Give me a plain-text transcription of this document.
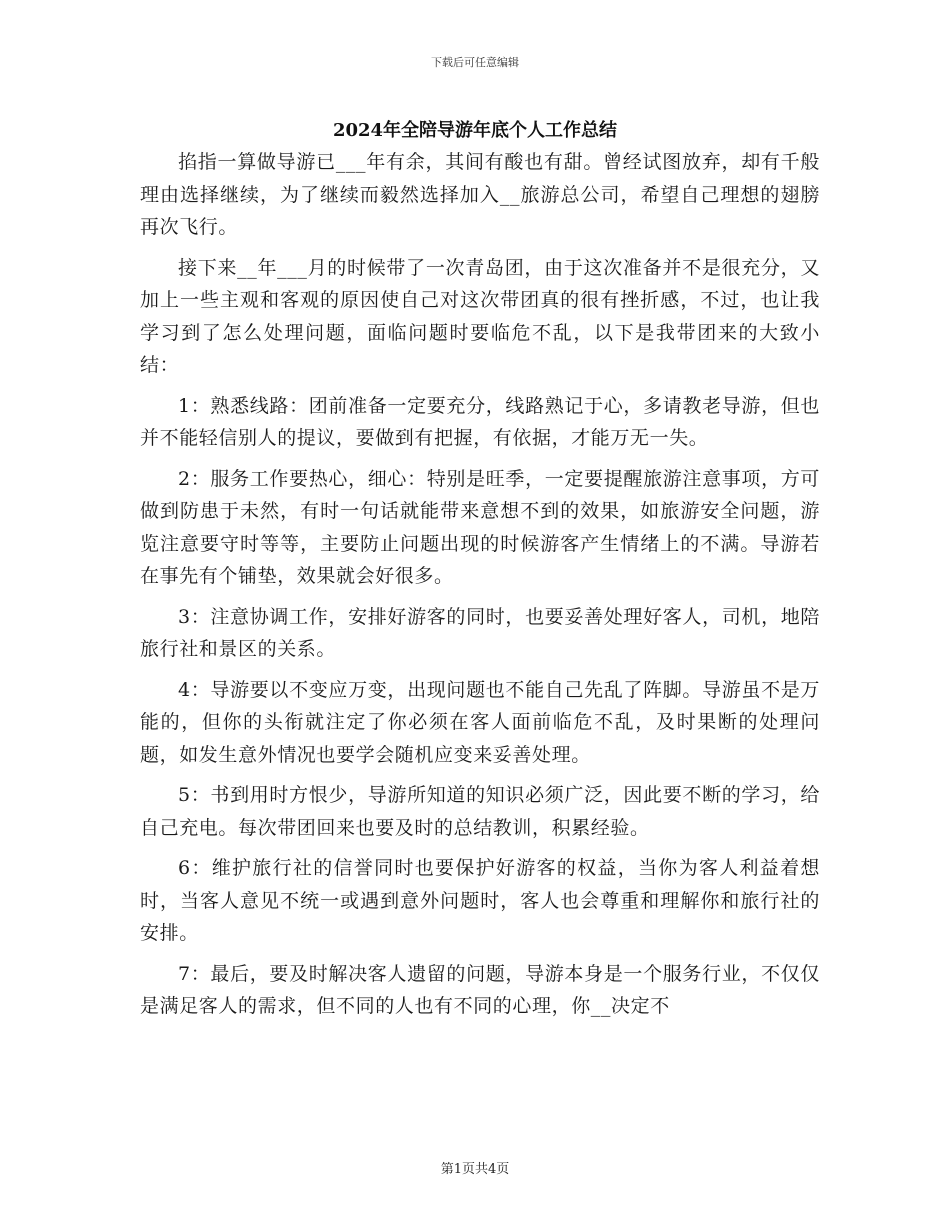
下载后可任意编辑
2024年全陪导游年底个人工作总结

掐指一算做导游已___年有余，其间有酸也有甜。曾经试图放弃，却有千般理由选择继续，为了继续而毅然选择加入__旅游总公司，希望自己理想的翅膀再次飞行。

接下来__年___月的时候带了一次青岛团，由于这次准备并不是很充分，又加上一些主观和客观的原因使自己对这次带团真的很有挫折感，不过，也让我学习到了怎么处理问题，面临问题时要临危不乱，以下是我带团来的大致小结：

1：熟悉线路：团前准备一定要充分，线路熟记于心，多请教老导游，但也并不能轻信别人的提议，要做到有把握，有依据，才能万无一失。

2：服务工作要热心，细心：特别是旺季，一定要提醒旅游注意事项，方可做到防患于未然，有时一句话就能带来意想不到的效果，如旅游安全问题，游览注意要守时等等，主要防止问题出现的时候游客产生情绪上的不满。导游若在事先有个铺垫，效果就会好很多。

3：注意协调工作，安排好游客的同时，也要妥善处理好客人，司机，地陪旅行社和景区的关系。

4：导游要以不变应万变，出现问题也不能自己先乱了阵脚。导游虽不是万能的，但你的头衔就注定了你必须在客人面前临危不乱，及时果断的处理问题，如发生意外情况也要学会随机应变来妥善处理。

5：书到用时方恨少，导游所知道的知识必须广泛，因此要不断的学习，给自己充电。每次带团回来也要及时的总结教训，积累经验。

6：维护旅行社的信誉同时也要保护好游客的权益，当你为客人利益着想时，当客人意见不统一或遇到意外问题时，客人也会尊重和理解你和旅行社的安排。

7：最后，要及时解决客人遗留的问题，导游本身是一个服务行业，不仅仅是满足客人的需求，但不同的人也有不同的心理，你__决定不

第1页共4页
